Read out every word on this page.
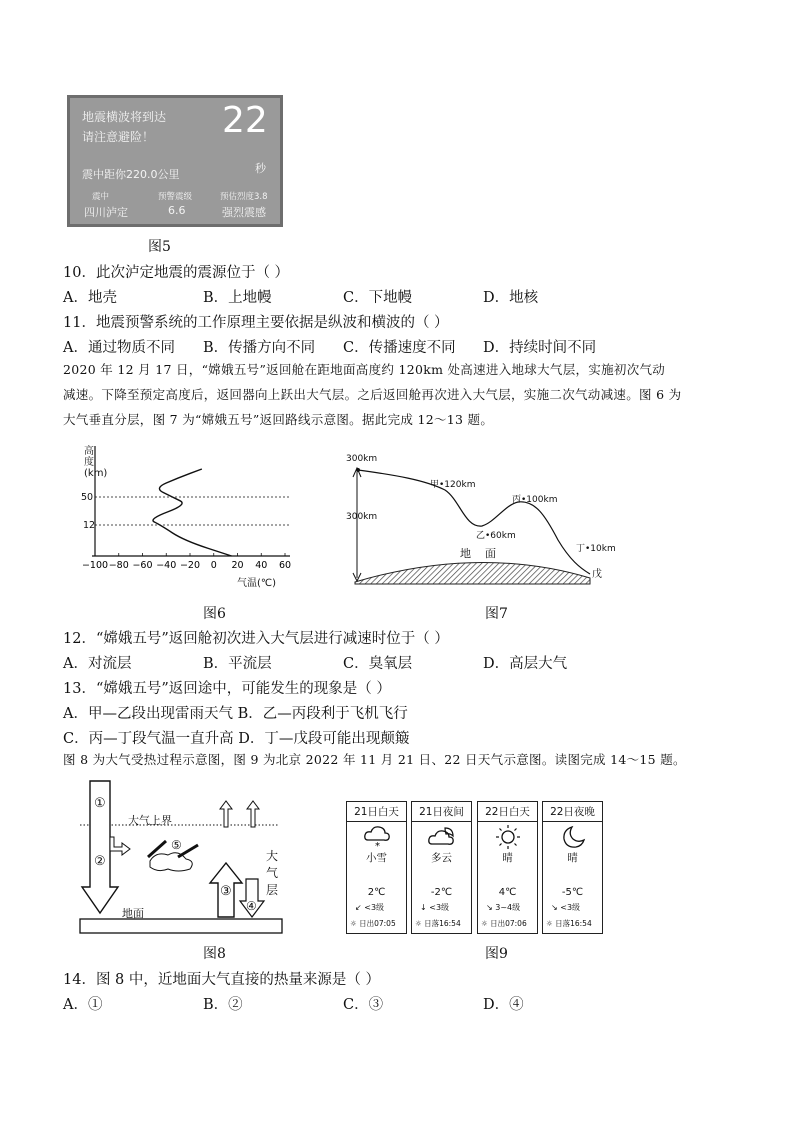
地震横波将到达
请注意避险！ 22
震中距你220.0公里	秒
震中	预警震级	预估烈度3.8
四川泸定	6.6	强烈震感
图5
10．此次泸定地震的震源位于（ ）
A．地壳	B．上地幔	C．下地幔	D．地核
11．地震预警系统的工作原理主要依据是纵波和横波的（ ）
A．通过物质不同 B．传播方向不同 C．传播速度不同 D．持续时间不同
2020 年 12 月 17 日，“嫦娥五号”返回舱在距地面高度约 120km 处高速进入地球大气层，实施初次气动
减速。下降至预定高度后，返回器向上跃出大气层。之后返回舱再次进入大气层，实施二次气动减速。图 6 为
大气垂直分层，图 7 为“嫦娥五号”返回路线示意图。据此完成 12～13 题。
−100 −80 −60 −40 −20 0 20 40 60
高度(km)
50
12
气温(℃)
图6
300km
300km
甲•120km
乙•60km
丙•100km
丁•10km
戊
地    面
图7
12．“嫦娥五号”返回舱初次进入大气层进行减速时位于（ ）
A．对流层	B．平流层	C．臭氧层	D．高层大气
13．“嫦娥五号”返回途中，可能发生的现象是（ ）
A．甲—乙段出现雷雨天气 B．乙—丙段利于飞机飞行
C．丙—丁段气温一直升高 D．丁—戊段可能出现颠簸
图 8 为大气受热过程示意图，图 9 为北京 2022 年 11 月 21 日、22 日天气示意图。读图完成 14～15 题。
①
②
③
④
⑤
大气上界
地面
大
气
层
图8
21日白天
*
小雪
2℃
↙ <3级
☼ 日出07:05
21日夜间
多云
-2℃
↓ <3级
☼ 日落16:54
22日白天
晴
4℃
↘ 3~4级
☼ 日出07:06
22日夜晚
晴
-5℃
↘ <3级
☼ 日落16:54
图9
14．图 8 中，近地面大气直接的热量来源是（ ）
A．①	B．②	C．③	D．④
